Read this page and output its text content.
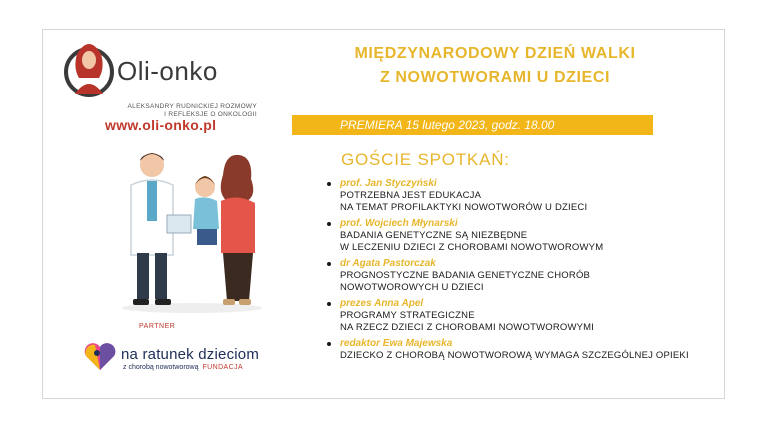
Oli-onko
ALEKSANDRY RUDNICKIEJ ROZMOWY
I REFLEKSJE O ONKOLOGII
www.oli-onko.pl
PARTNER
na ratunek dzieciom
z chorobą nowotworową FUNDACJA
MIĘDZYNARODOWY DZIEŃ WALKI
Z NOWOTWORAMI U DZIECI
PREMIERA 15 lutego 2023, godz. 18.00
GOŚCIE SPOTKAŃ:
prof. Jan Styczyński
POTRZEBNA JEST EDUKACJA
NA TEMAT PROFILAKTYKI NOWOTWORÓW U DZIECI
prof. Wojciech Młynarski
BADANIA GENETYCZNE SĄ NIEZBĘDNE
W LECZENIU DZIECI Z CHOROBAMI NOWOTWOROWYM
dr Agata Pastorczak
PROGNOSTYCZNE BADANIA GENETYCZNE CHORÓB
NOWOTWOROWYCH U DZIECI
prezes Anna Apel
PROGRAMY STRATEGICZNE
NA RZECZ DZIECI Z CHOROBAMI NOWOTWOROWYMI
redaktor Ewa Majewska
DZIECKO Z CHOROBĄ NOWOTWOROWĄ WYMAGA SZCZEGÓLNEJ OPIEKI
